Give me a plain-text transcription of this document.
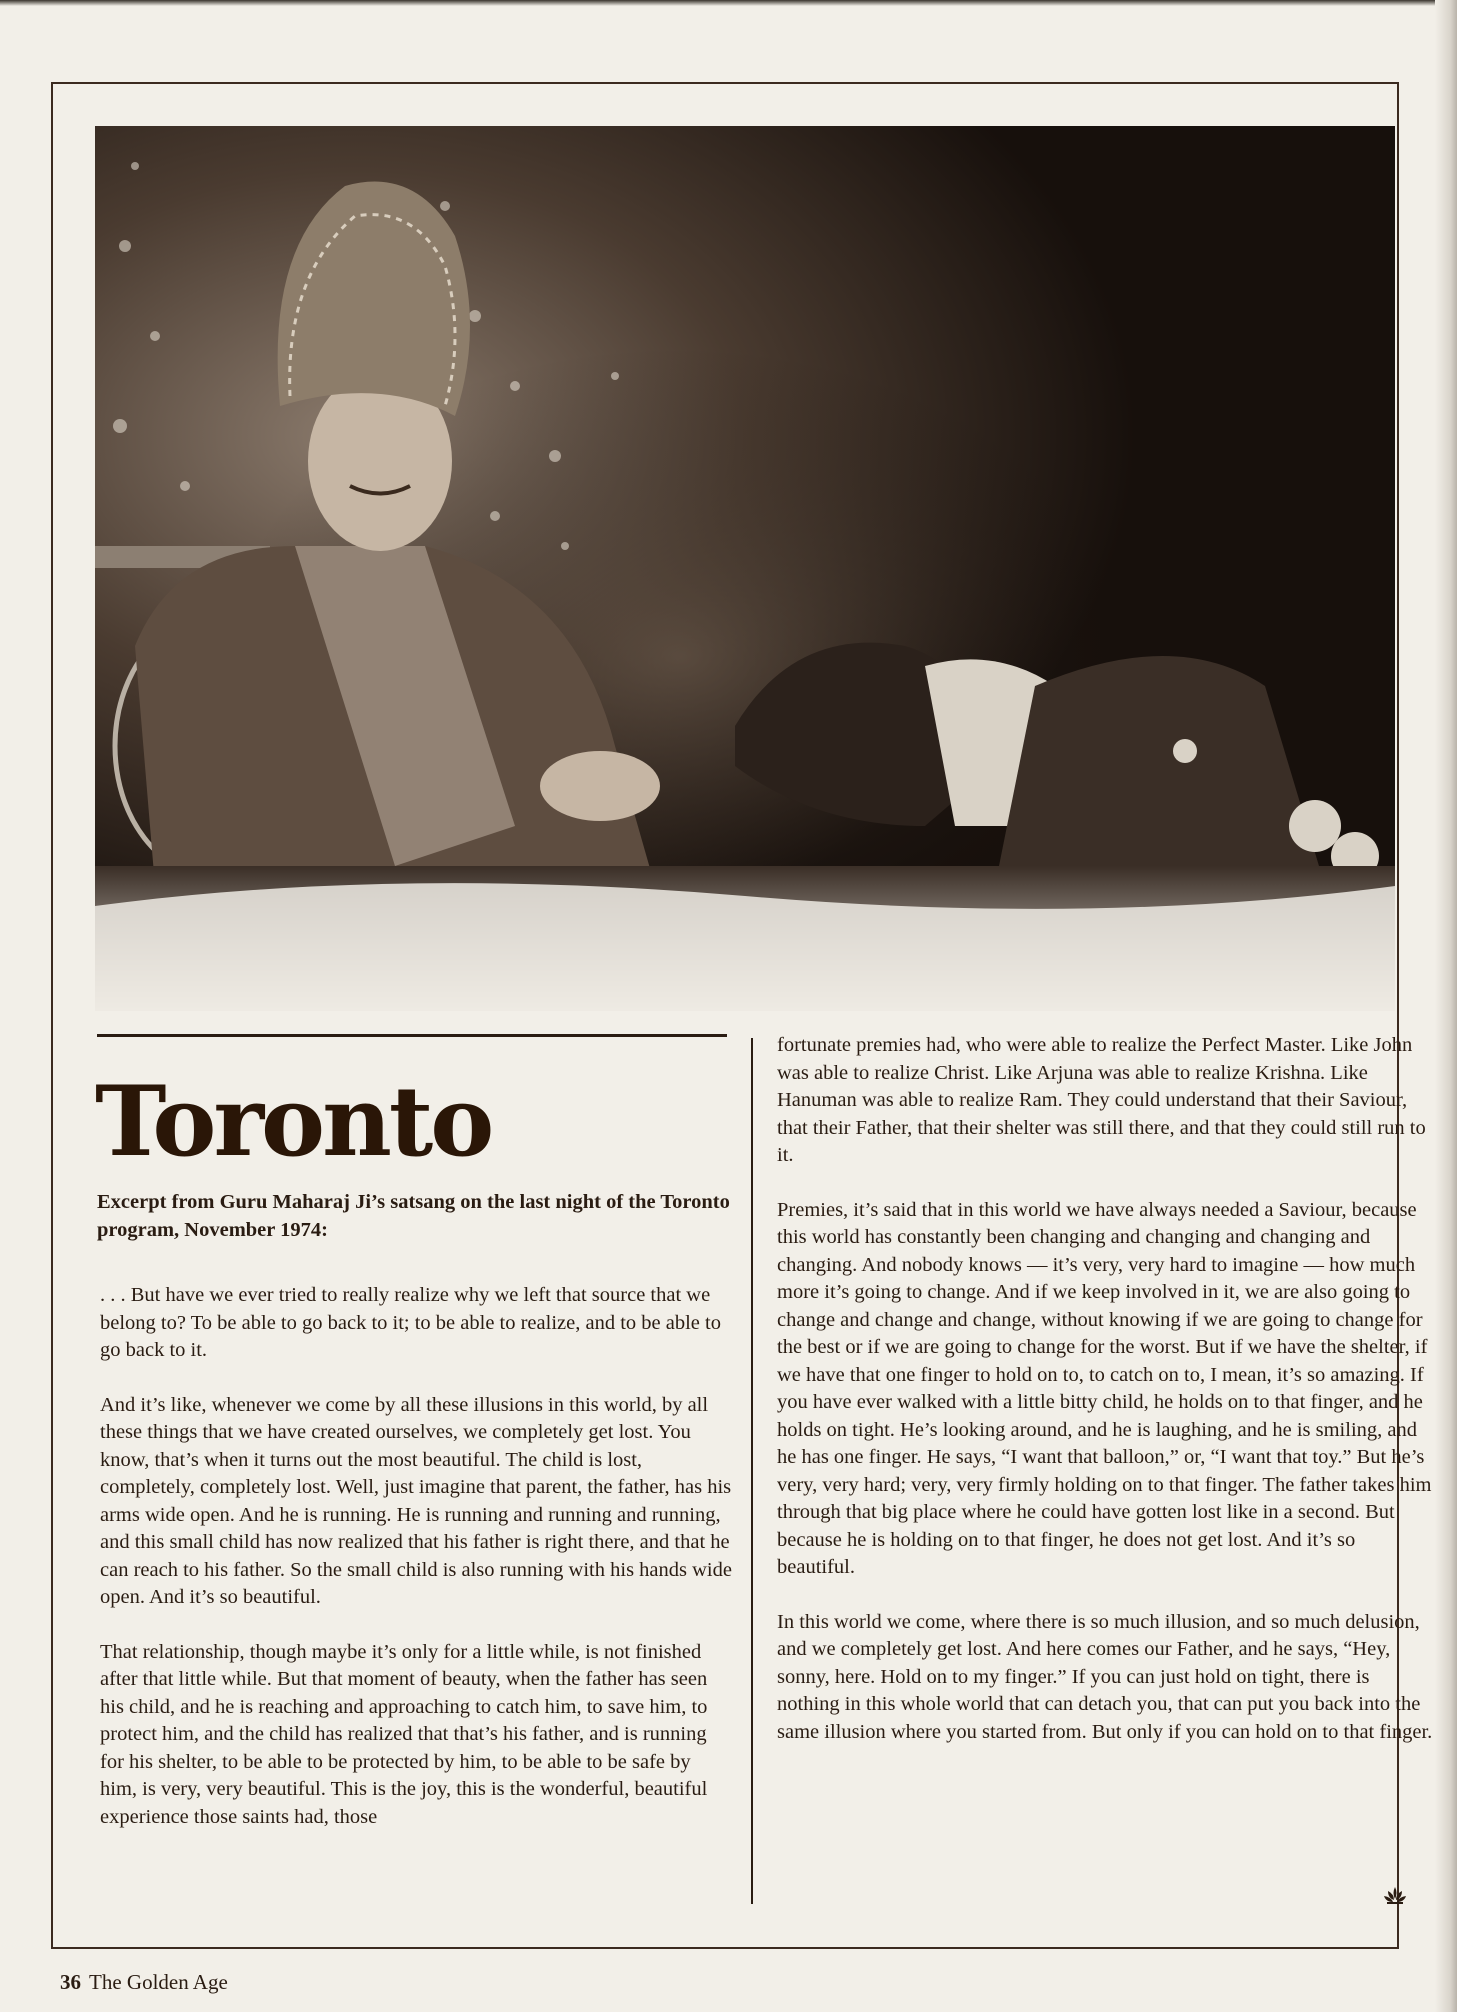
Toronto

Excerpt from Guru Maharaj Ji’s satsang on the last night of the Toronto program, November 1974:

. . . But have we ever tried to really realize why we left that source that we belong to? To be able to go back to it; to be able to realize, and to be able to go back to it.

And it’s like, whenever we come by all these illusions in this world, by all these things that we have created ourselves, we completely get lost. You know, that’s when it turns out the most beautiful. The child is lost, completely, completely lost. Well, just imagine that parent, the father, has his arms wide open. And he is running. He is running and running and running, and this small child has now realized that his father is right there, and that he can reach to his father. So the small child is also running with his hands wide open. And it’s so beautiful.

That relationship, though maybe it’s only for a little while, is not finished after that little while. But that moment of beauty, when the father has seen his child, and he is reaching and approaching to catch him, to save him, to protect him, and the child has realized that that’s his father, and is running for his shelter, to be able to be protected by him, to be able to be safe by him, is very, very beautiful. This is the joy, this is the wonderful, beautiful experience those saints had, those

fortunate premies had, who were able to realize the Perfect Master. Like John was able to realize Christ. Like Arjuna was able to realize Krishna. Like Hanuman was able to realize Ram. They could understand that their Saviour, that their Father, that their shelter was still there, and that they could still run to it.

Premies, it’s said that in this world we have always needed a Saviour, because this world has constantly been changing and changing and changing and changing. And nobody knows — it’s very, very hard to imagine — how much more it’s going to change. And if we keep involved in it, we are also going to change and change and change, without knowing if we are going to change for the best or if we are going to change for the worst. But if we have the shelter, if we have that one finger to hold on to, to catch on to, I mean, it’s so amazing. If you have ever walked with a little bitty child, he holds on to that finger, and he holds on tight. He’s looking around, and he is laughing, and he is smiling, and he has one finger. He says, “I want that balloon,” or, “I want that toy.” But he’s very, very hard; very, very firmly holding on to that finger. The father takes him through that big place where he could have gotten lost like in a second. But because he is holding on to that finger, he does not get lost. And it’s so beautiful.

In this world we come, where there is so much illusion, and so much delusion, and we completely get lost. And here comes our Father, and he says, “Hey, sonny, here. Hold on to my finger.” If you can just hold on tight, there is nothing in this whole world that can detach you, that can put you back into the same illusion where you started from. But only if you can hold on to that finger.

36 The Golden Age
